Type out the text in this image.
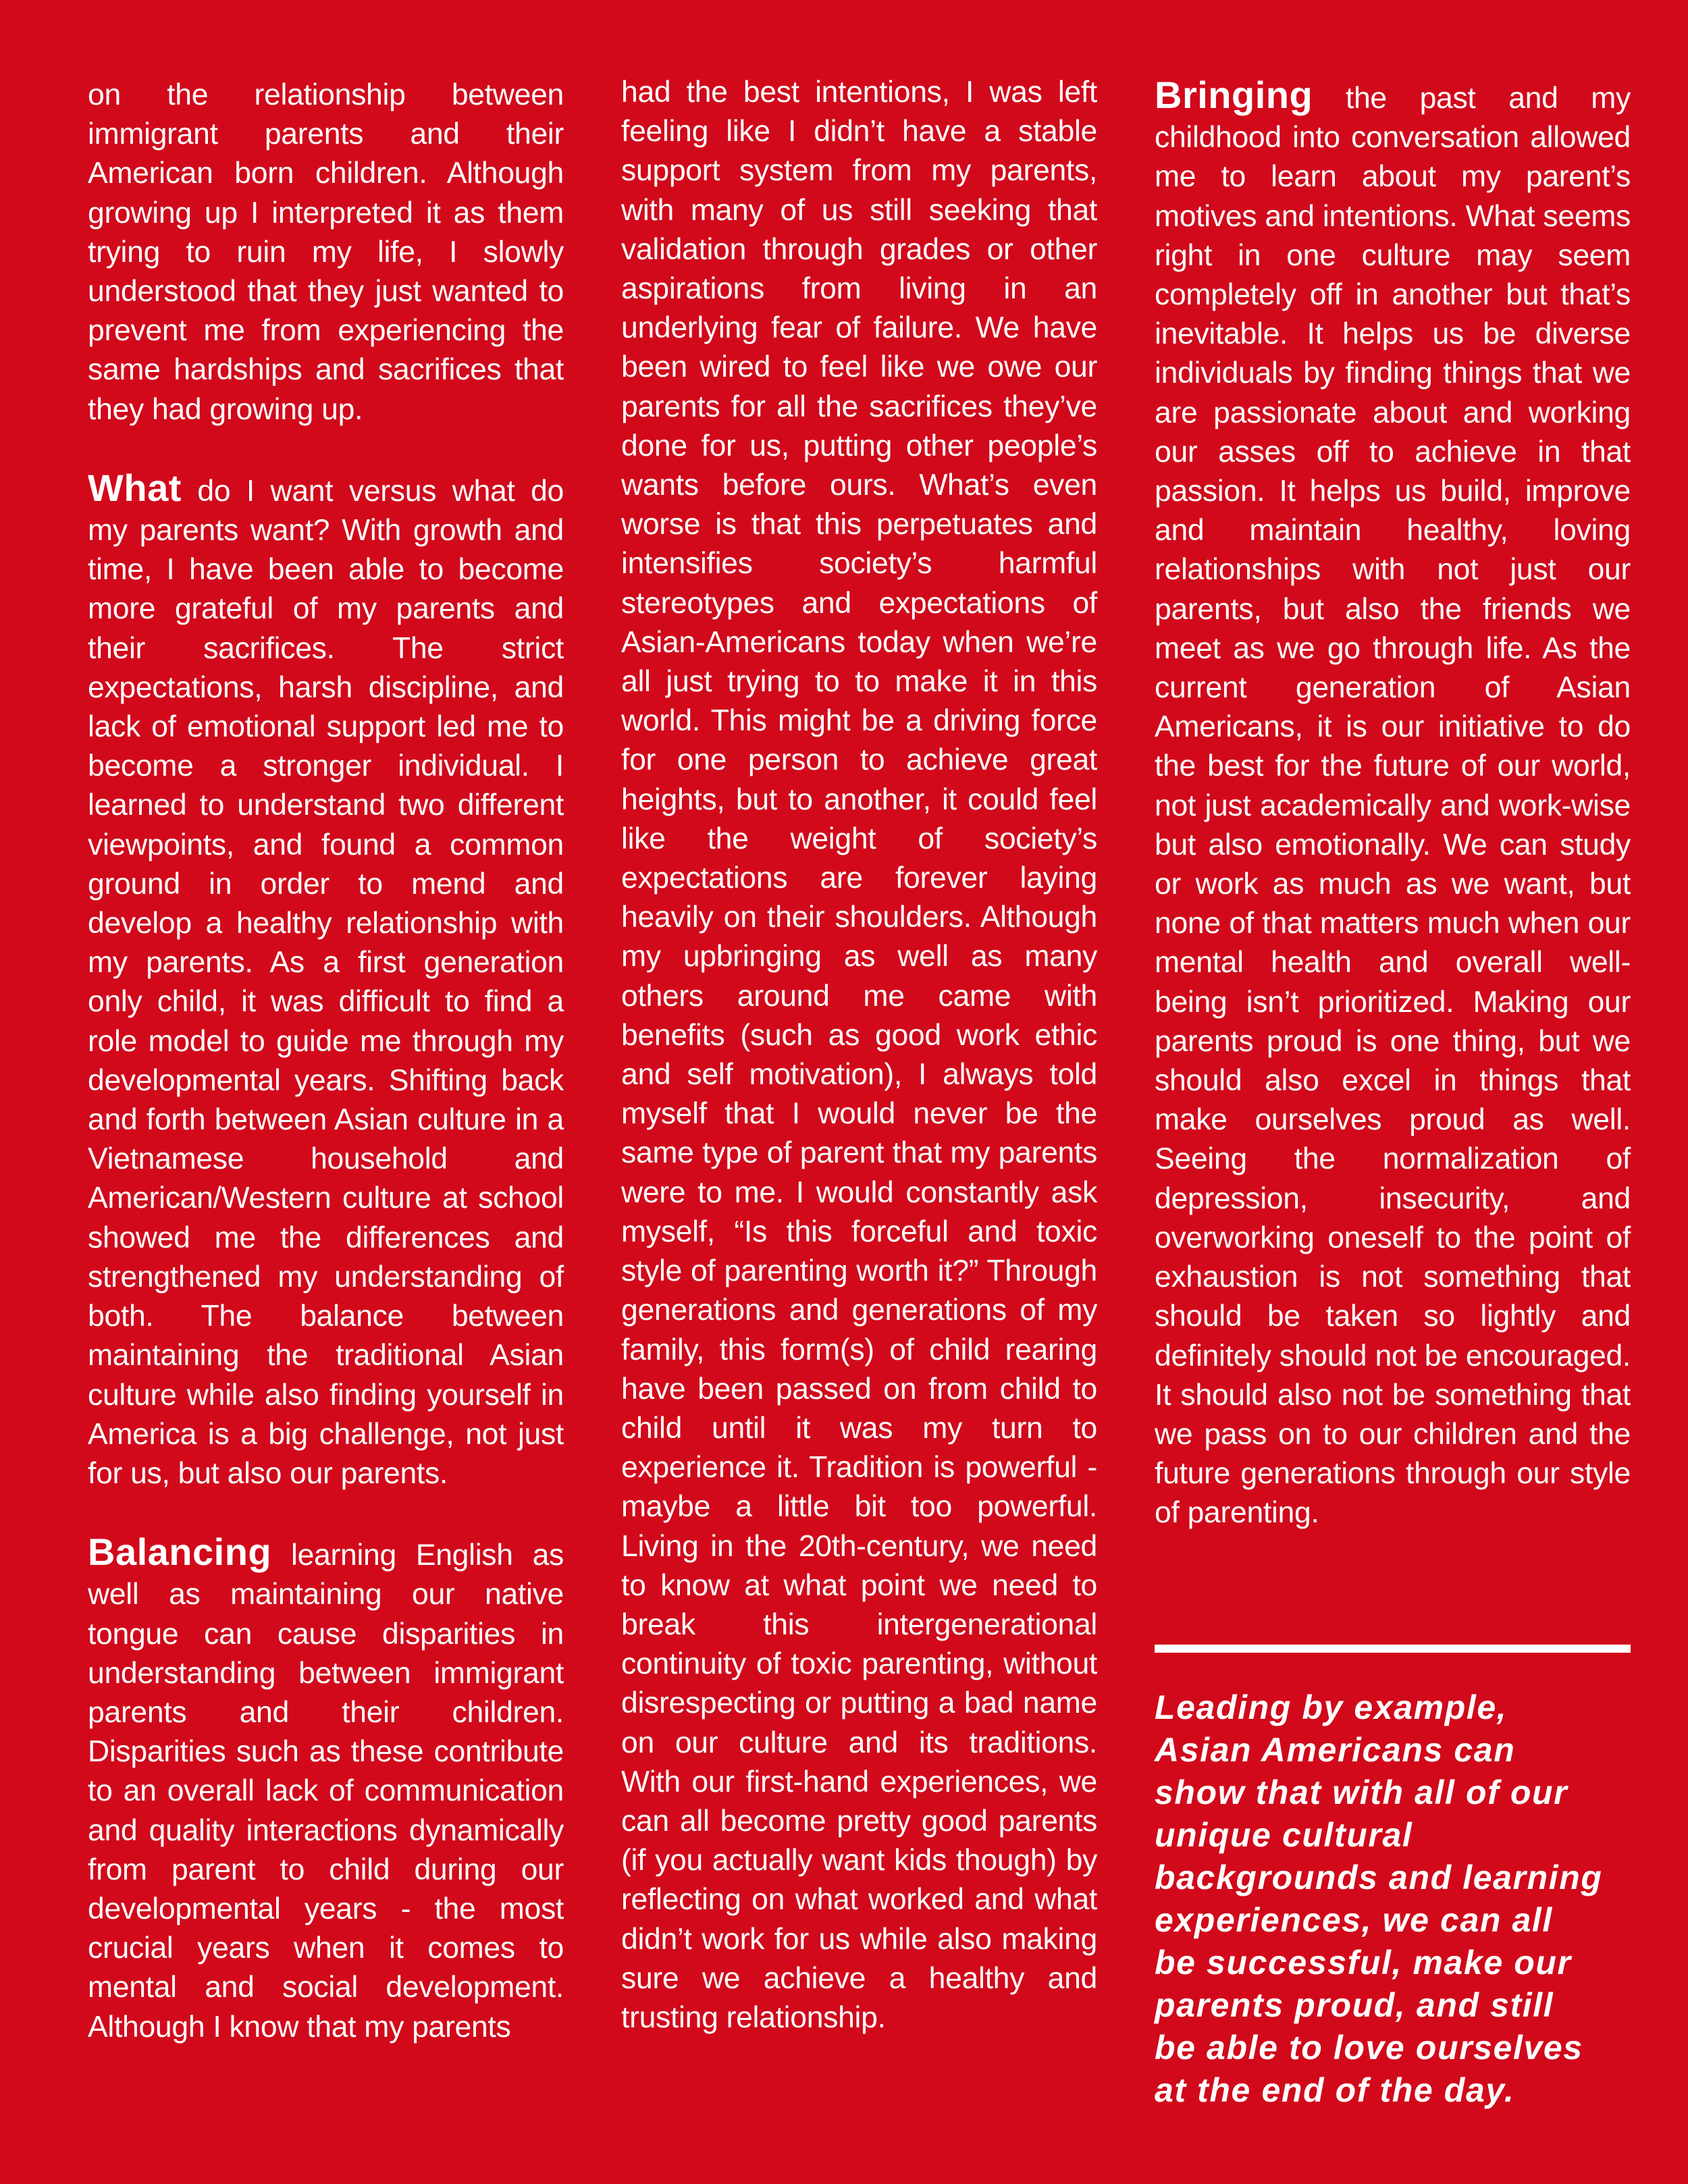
on the relationship between immigrant parents and their American born children. Although growing up I interpreted it as them trying to ruin my life, I slowly understood that they just wanted to prevent me from experiencing the same hardships and sacrifices that they had growing up.

What do I want versus what do my parents want? With growth and time, I have been able to become more grateful of my parents and their sacrifices. The strict expectations, harsh discipline, and lack of emotional support led me to become a stronger individual. I learned to understand two different viewpoints, and found a common ground in order to mend and develop a healthy relationship with my parents. As a first generation only child, it was difficult to find a role model to guide me through my developmental years. Shifting back and forth between Asian culture in a Vietnamese household and American/Western culture at school showed me the differences and strengthened my understanding of both. The balance between maintaining the traditional Asian culture while also finding yourself in America is a big challenge, not just for us, but also our parents.

Balancing learning English as well as maintaining our native tongue can cause disparities in understanding between immigrant parents and their children. Disparities such as these contribute to an overall lack of communication and quality interactions dynamically from parent to child during our developmental years - the most crucial years when it comes to mental and social development. Although I know that my parents

had the best intentions, I was left feeling like I didn’t have a stable support system from my parents, with many of us still seeking that validation through grades or other aspirations from living in an underlying fear of failure. We have been wired to feel like we owe our parents for all the sacrifices they’ve done for us, putting other people’s wants before ours. What’s even worse is that this perpetuates and intensifies society’s harmful stereotypes and expectations of Asian-Americans today when we’re all just trying to to make it in this world. This might be a driving force for one person to achieve great heights, but to another, it could feel like the weight of society’s expectations are forever laying heavily on their shoulders. Although my upbringing as well as many others around me came with benefits (such as good work ethic and self motivation), I always told myself that I would never be the same type of parent that my parents were to me. I would constantly ask myself, “Is this forceful and toxic style of parenting worth it?” Through generations and generations of my family, this form(s) of child rearing have been passed on from child to child until it was my turn to experience it. Tradition is powerful - maybe a little bit too powerful. Living in the 20th-century, we need to know at what point we need to break this intergenerational continuity of toxic parenting, without disrespecting or putting a bad name on our culture and its traditions. With our first-hand experiences, we can all become pretty good parents (if you actually want kids though) by reflecting on what worked and what didn’t work for us while also making sure we achieve a healthy and trusting relationship.

Bringing the past and my childhood into conversation allowed me to learn about my parent’s motives and intentions. What seems right in one culture may seem completely off in another but that’s inevitable. It helps us be diverse individuals by finding things that we are passionate about and working our asses off to achieve in that passion. It helps us build, improve and maintain healthy, loving relationships with not just our parents, but also the friends we meet as we go through life. As the current generation of Asian Americans, it is our initiative to do the best for the future of our world, not just academically and work-wise but also emotionally. We can study or work as much as we want, but none of that matters much when our mental health and overall well- being isn’t prioritized. Making our parents proud is one thing, but we should also excel in things that make ourselves proud as well. Seeing the normalization of depression, insecurity, and overworking oneself to the point of exhaustion is not something that should be taken so lightly and definitely should not be encouraged. It should also not be something that we pass on to our children and the future generations through our style of parenting.

Leading by example,
Asian Americans can
show that with all of our
unique cultural
backgrounds and learning
experiences, we can all
be successful, make our
parents proud, and still
be able to love ourselves
at the end of the day.
